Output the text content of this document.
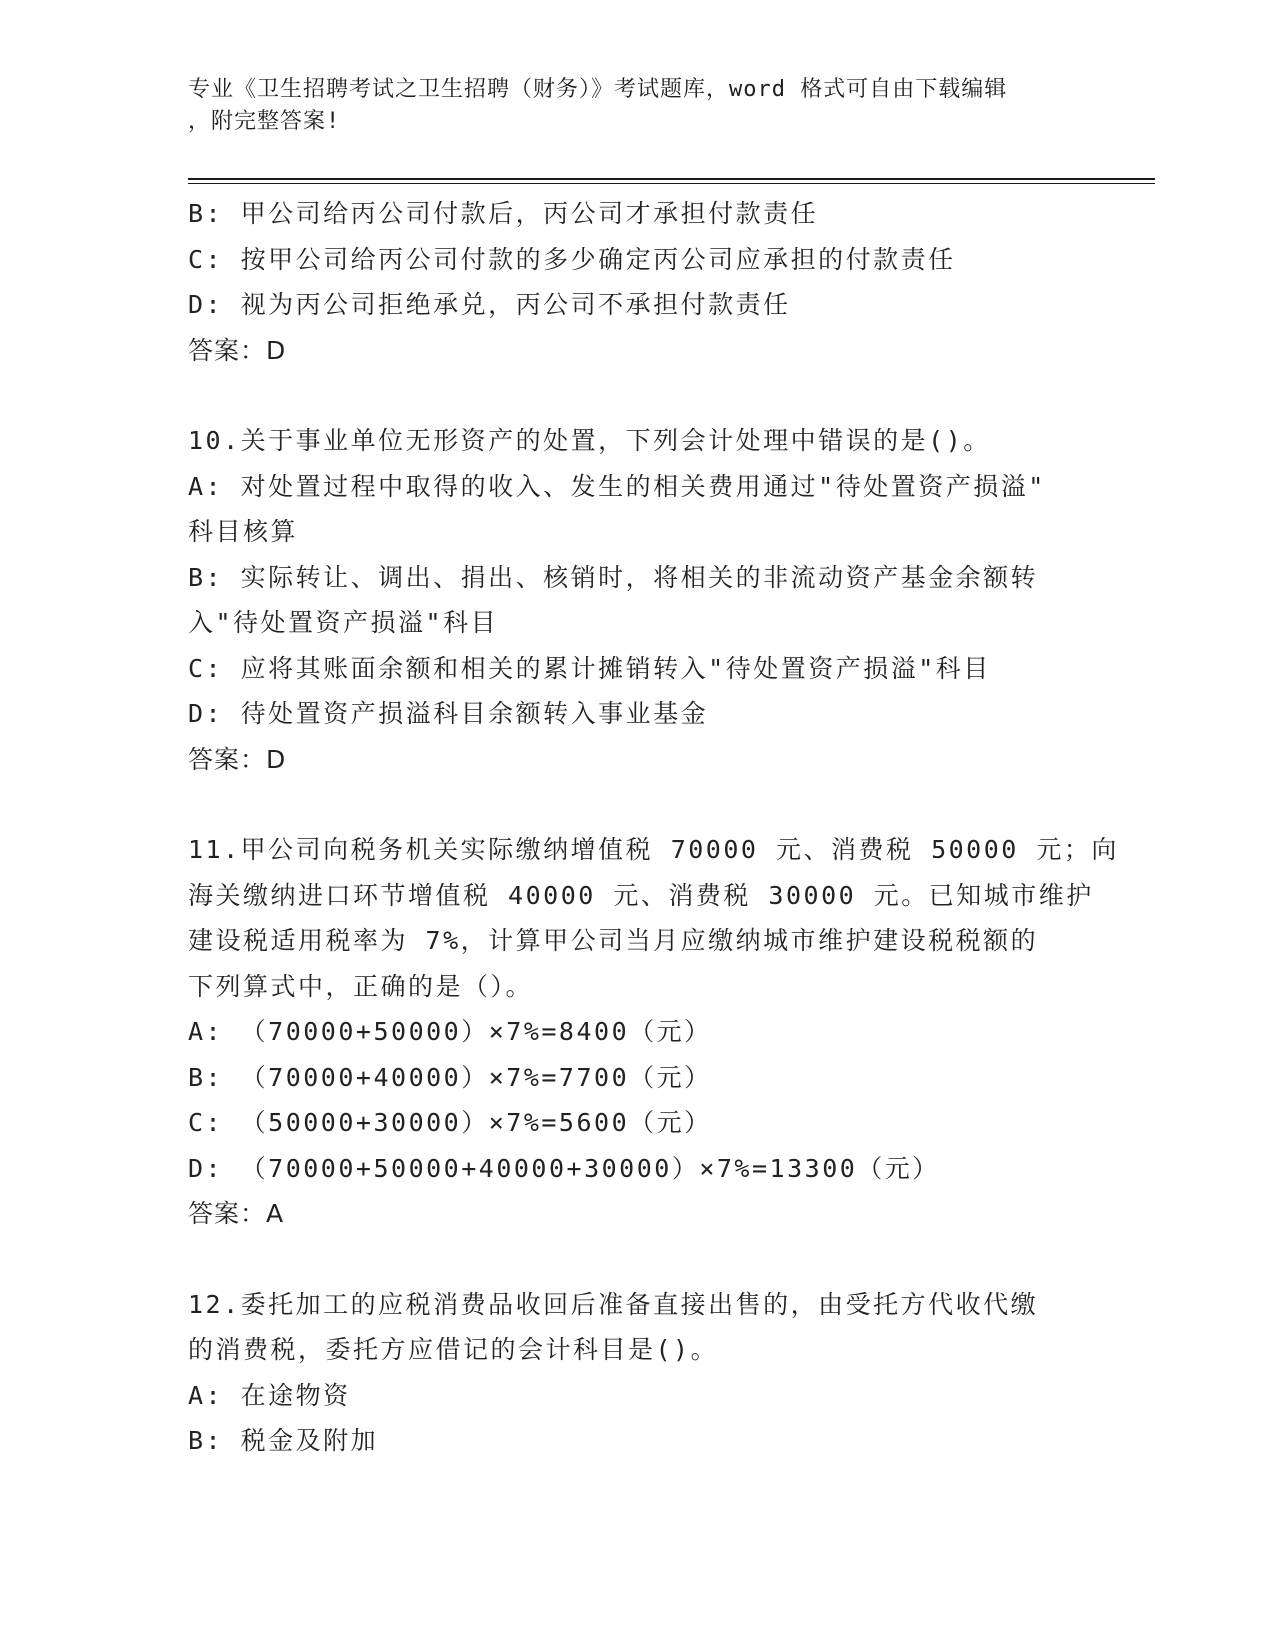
专业《卫生招聘考试之卫生招聘（财务）》考试题库，word 格式可自由下载编辑
，附完整答案!
B: 甲公司给丙公司付款后，丙公司才承担付款责任
C: 按甲公司给丙公司付款的多少确定丙公司应承担的付款责任
D: 视为丙公司拒绝承兑，丙公司不承担付款责任
答案：D
10.关于事业单位无形资产的处置，下列会计处理中错误的是()。
A: 对处置过程中取得的收入、发生的相关费用通过"待处置资产损溢"
科目核算
B: 实际转让、调出、捐出、核销时，将相关的非流动资产基金余额转
入"待处置资产损溢"科目
C: 应将其账面余额和相关的累计摊销转入"待处置资产损溢"科目
D: 待处置资产损溢科目余额转入事业基金
答案：D
11.甲公司向税务机关实际缴纳增值税 70000 元、消费税 50000 元；向
海关缴纳进口环节增值税 40000 元、消费税 30000 元。已知城市维护
建设税适用税率为 7%，计算甲公司当月应缴纳城市维护建设税税额的
下列算式中，正确的是（）。
A: （70000+50000）×7%=8400（元）
B: （70000+40000）×7%=7700（元）
C: （50000+30000）×7%=5600（元）
D: （70000+50000+40000+30000）×7%=13300（元）
答案：A
12.委托加工的应税消费品收回后准备直接出售的，由受托方代收代缴
的消费税，委托方应借记的会计科目是()。
A: 在途物资
B: 税金及附加
